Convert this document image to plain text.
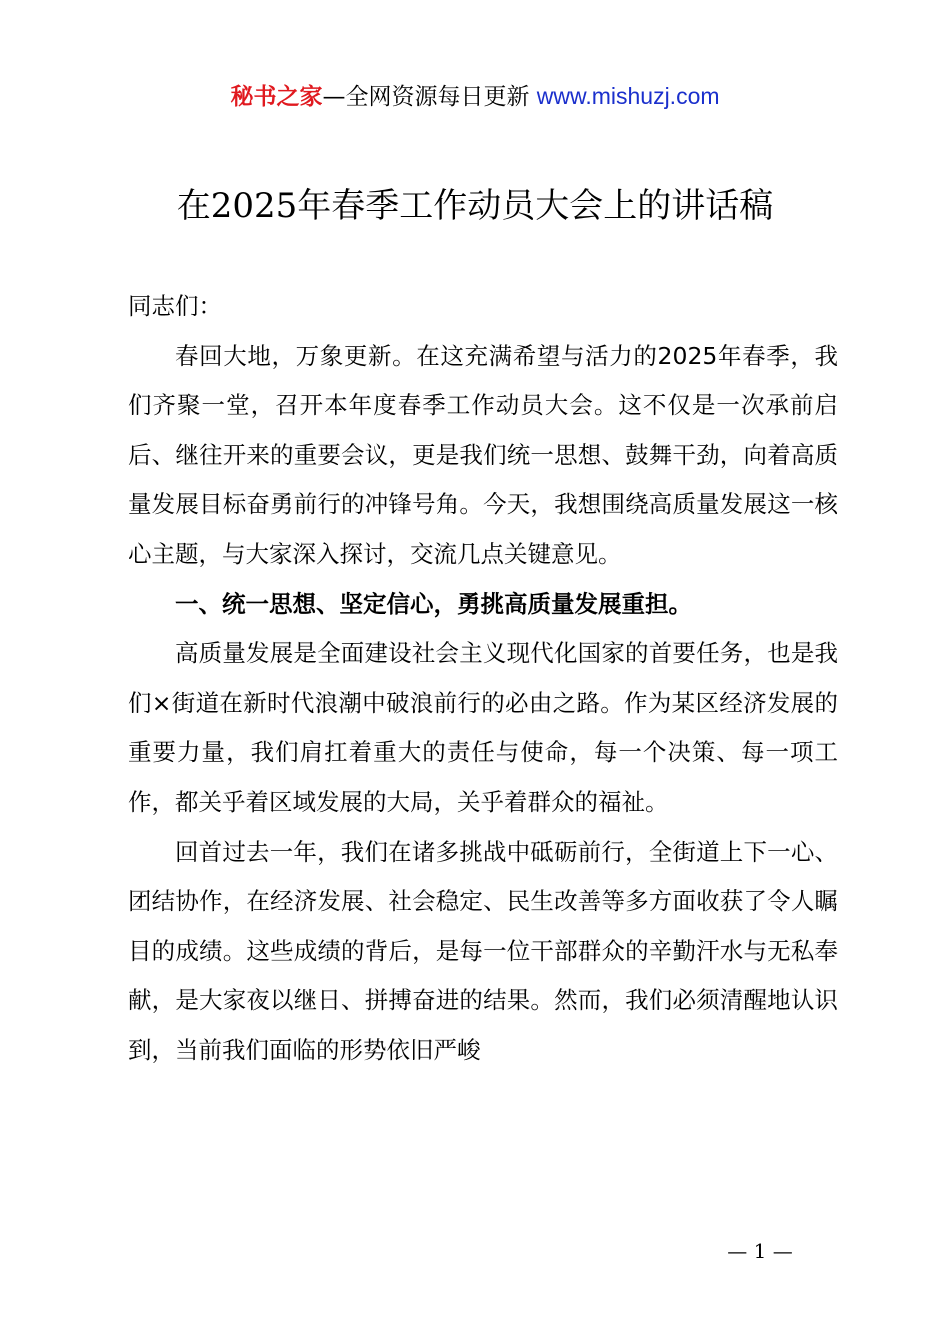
秘书之家—全网资源每日更新 www.mishuzj.com
在2025年春季工作动员大会上的讲话稿

同志们：

春回大地，万象更新。在这充满希望与活力的2025年春季，我们齐聚一堂，召开本年度春季工作动员大会。这不仅是一次承前启后、继往开来的重要会议，更是我们统一思想、鼓舞干劲，向着高质量发展目标奋勇前行的冲锋号角。今天，我想围绕高质量发展这一核心主题，与大家深入探讨，交流几点关键意见。

一、统一思想、坚定信心，勇挑高质量发展重担。

高质量发展是全面建设社会主义现代化国家的首要任务，也是我们×街道在新时代浪潮中破浪前行的必由之路。作为某区经济发展的重要力量，我们肩扛着重大的责任与使命，每一个决策、每一项工作，都关乎着区域发展的大局，关乎着群众的福祉。

回首过去一年，我们在诸多挑战中砥砺前行，全街道上下一心、团结协作，在经济发展、社会稳定、民生改善等多方面收获了令人瞩目的成绩。这些成绩的背后，是每一位干部群众的辛勤汗水与无私奉献，是大家夜以继日、拼搏奋进的结果。然而，我们必须清醒地认识到，当前我们面临的形势依旧严峻

— 1 —
